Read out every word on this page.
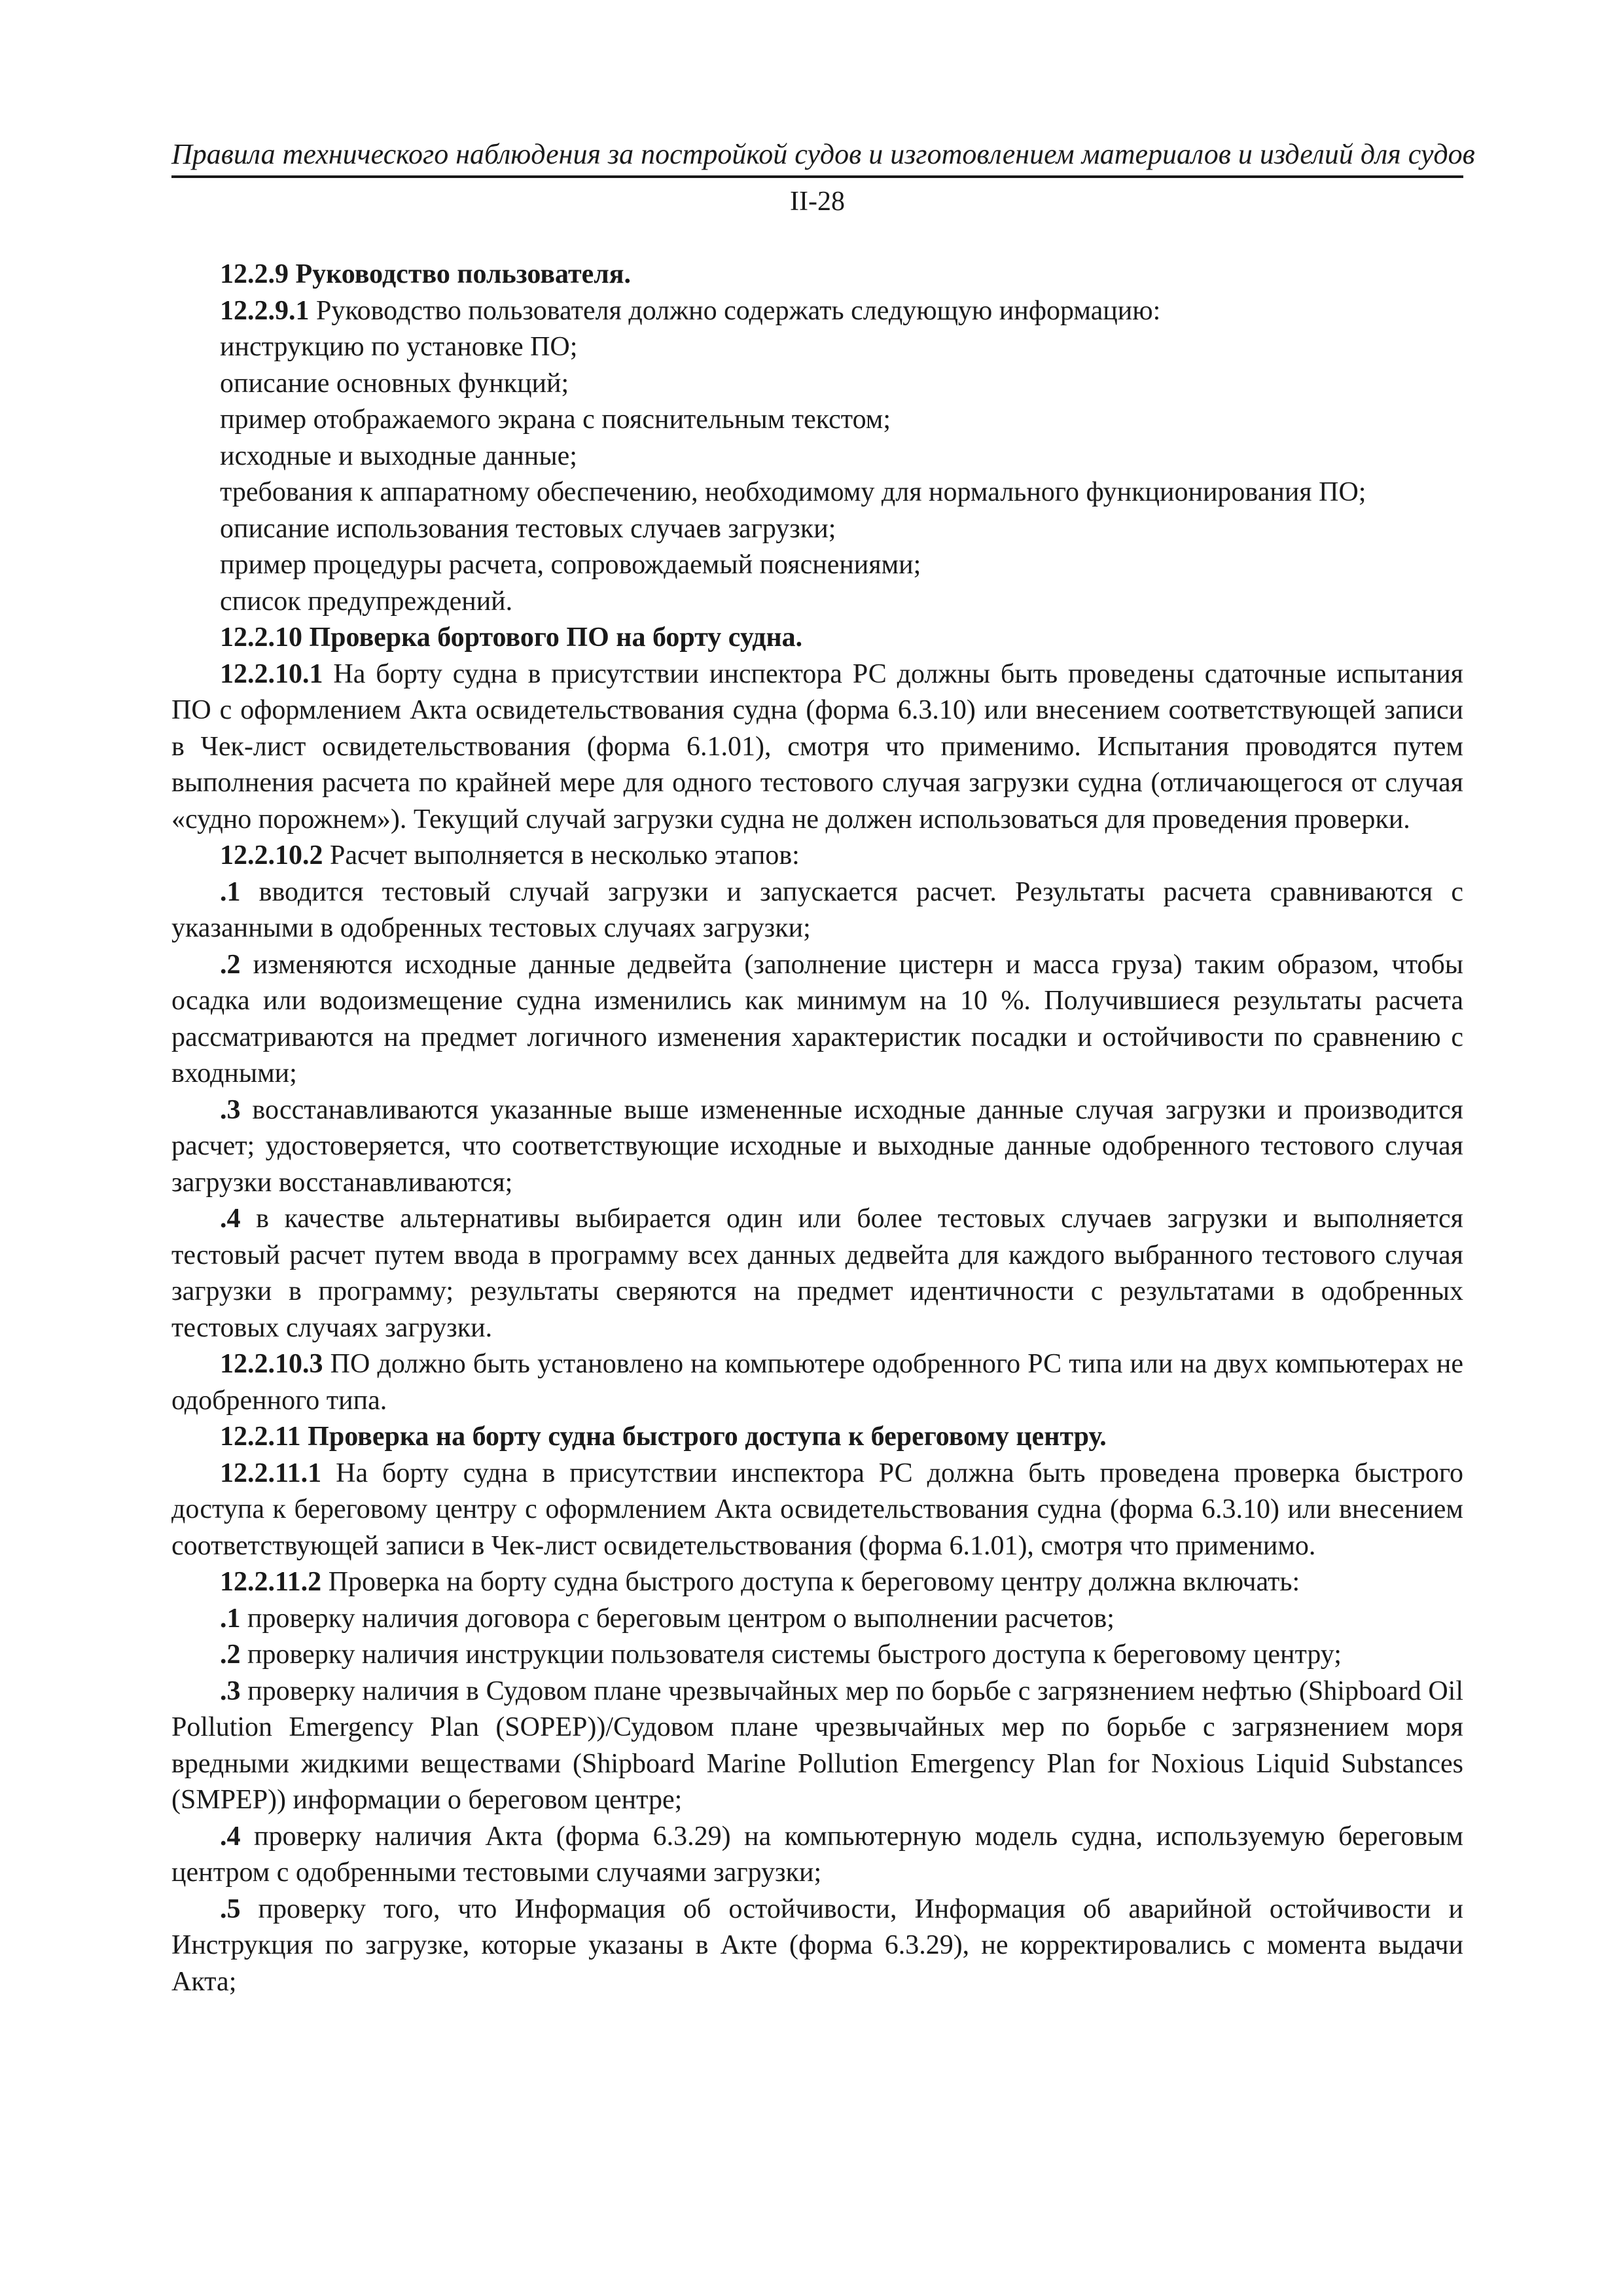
Правила технического наблюдения за постройкой судов и изготовлением материалов и изделий для судов
II-28

12.2.9 Руководство пользователя.

12.2.9.1 Руководство пользователя должно содержать следующую информацию:

инструкцию по установке ПО;

описание основных функций;

пример отображаемого экрана с пояснительным текстом;

исходные и выходные данные;

требования к аппаратному обеспечению, необходимому для нормального функционирования ПО;

описание использования тестовых случаев загрузки;

пример процедуры расчета, сопровождаемый пояснениями;

список предупреждений.

12.2.10 Проверка бортового ПО на борту судна.

12.2.10.1 На борту судна в присутствии инспектора РС должны быть проведены сдаточные испытания ПО с оформлением Акта освидетельствования судна (форма 6.3.10) или внесением соответствующей записи в Чек-лист освидетельствования (форма 6.1.01), смотря что применимо. Испытания проводятся путем выполнения расчета по крайней мере для одного тестового случая загрузки судна (отличающегося от случая «судно порожнем»). Текущий случай загрузки судна не должен использоваться для проведения проверки.

12.2.10.2 Расчет выполняется в несколько этапов:

.1 вводится тестовый случай загрузки и запускается расчет. Результаты расчета сравниваются с указанными в одобренных тестовых случаях загрузки;

.2 изменяются исходные данные дедвейта (заполнение цистерн и масса груза) таким образом, чтобы осадка или водоизмещение судна изменились как минимум на 10 %. Получившиеся результаты расчета рассматриваются на предмет логичного изменения характеристик посадки и остойчивости по сравнению с входными;

.3 восстанавливаются указанные выше измененные исходные данные случая загрузки и производится расчет; удостоверяется, что соответствующие исходные и выходные данные одобренного тестового случая загрузки восстанавливаются;

.4 в качестве альтернативы выбирается один или более тестовых случаев загрузки и выполняется тестовый расчет путем ввода в программу всех данных дедвейта для каждого выбранного тестового случая загрузки в программу; результаты сверяются на предмет идентичности с результатами в одобренных тестовых случаях загрузки.

12.2.10.3 ПО должно быть установлено на компьютере одобренного РС типа или на двух компьютерах не одобренного типа.

12.2.11 Проверка на борту судна быстрого доступа к береговому центру.

12.2.11.1 На борту судна в присутствии инспектора РС должна быть проведена проверка быстрого доступа к береговому центру с оформлением Акта освидетельствования судна (форма 6.3.10) или внесением соответствующей записи в Чек-лист освидетельствования (форма 6.1.01), смотря что применимо.

12.2.11.2 Проверка на борту судна быстрого доступа к береговому центру должна включать:

.1 проверку наличия договора с береговым центром о выполнении расчетов;

.2 проверку наличия инструкции пользователя системы быстрого доступа к береговому центру;

.3 проверку наличия в Судовом плане чрезвычайных мер по борьбе с загрязнением нефтью (Shipboard Oil Pollution Emergency Plan (SOPEP))/Судовом плане чрезвычайных мер по борьбе с загрязнением моря вредными жидкими веществами (Shipboard Marine Pollution Emergency Plan for Noxious Liquid Substances (SMPEP)) информации о береговом центре;

.4 проверку наличия Акта (форма 6.3.29) на компьютерную модель судна, используемую береговым центром с одобренными тестовыми случаями загрузки;

.5 проверку того, что Информация об остойчивости, Информация об аварийной остойчивости и Инструкция по загрузке, которые указаны в Акте (форма 6.3.29), не корректировались с момента выдачи Акта;
